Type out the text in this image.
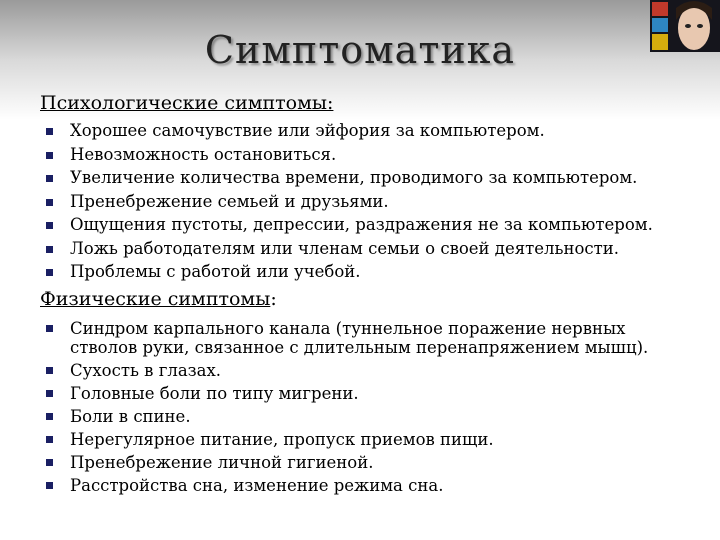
Симптоматика
Психологические симптомы:
Хорошее самочувствие или эйфория за компьютером.
Невозможность остановиться.
Увеличение количества времени, проводимого за компьютером.
Пренебрежение семьей и друзьями.
Ощущения пустоты, депрессии, раздражения не за компьютером.
Ложь работодателям или членам семьи о своей деятельности.
Проблемы с работой или учебой.
Физические симптомы:
Синдром карпального канала (туннельное поражение нервных стволов руки, связанное с длительным перенапряжением мышц).
Сухость в глазах.
Головные боли по типу мигрени.
Боли в спине.
Нерегулярное питание, пропуск приемов пищи.
Пренебрежение личной гигиеной.
Расстройства сна, изменение режима сна.
